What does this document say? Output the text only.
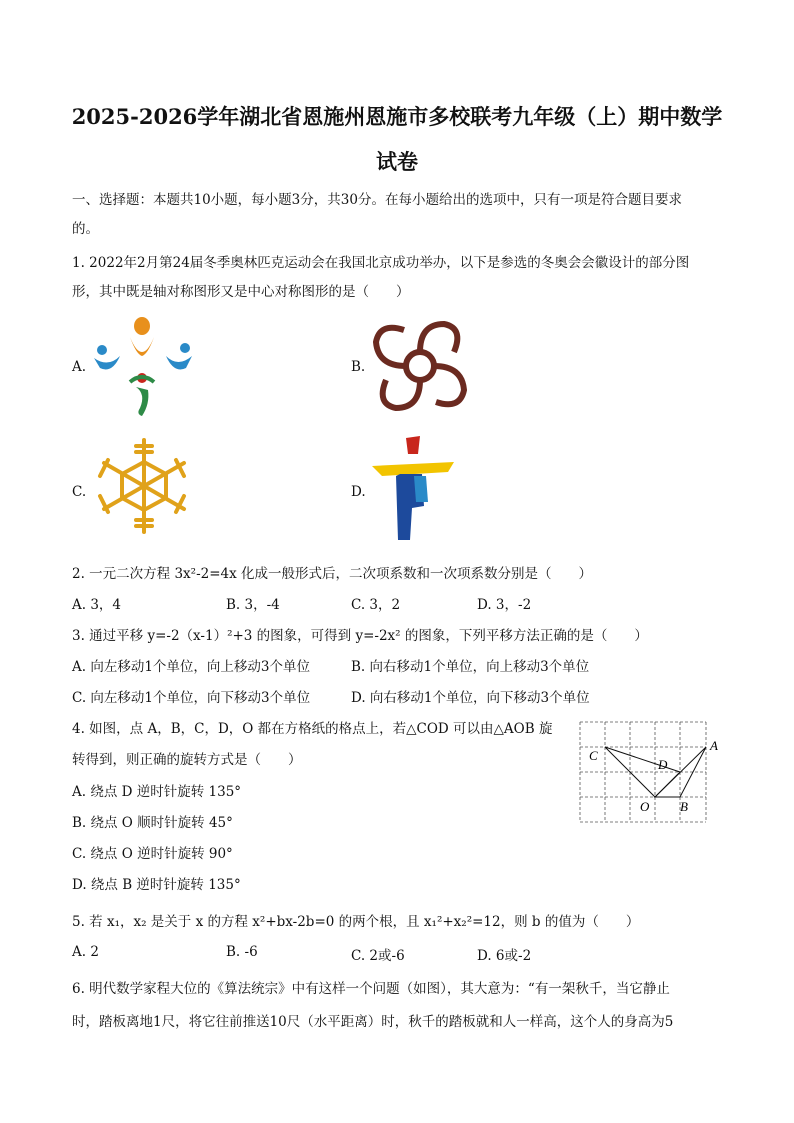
2025-2026学年湖北省恩施州恩施市多校联考九年级（上）期中数学
试卷
一、选择题：本题共10小题，每小题3分，共30分。在每小题给出的选项中，只有一项是符合题目要求
的。
1. 2022年2月第24届冬季奥林匹克运动会在我国北京成功举办，以下是参选的冬奥会会徽设计的部分图
形，其中既是轴对称图形又是中心对称图形的是（　　）
A.	B.
C.	D.
2. 一元二次方程 3x²-2=4x 化成一般形式后，二次项系数和一次项系数分别是（　　）
A. 3，4	B. 3，-4	C. 3，2	D. 3，-2
3. 通过平移 y=-2（x-1）²+3 的图象，可得到 y=-2x² 的图象，下列平移方法正确的是（　　）
A. 向左移动1个单位，向上移动3个单位	B. 向右移动1个单位，向上移动3个单位
C. 向左移动1个单位，向下移动3个单位	D. 向右移动1个单位，向下移动3个单位
4. 如图，点 A，B，C，D，O 都在方格纸的格点上，若△COD 可以由△AOB 旋
转得到，则正确的旋转方式是（　　）
A. 绕点 D 逆时针旋转 135°
B. 绕点 O 顺时针旋转 45°
C. 绕点 O 逆时针旋转 90°
D. 绕点 B 逆时针旋转 135°
C
D
A
O B
5. 若 x₁，x₂ 是关于 x 的方程 x²+bx-2b=0 的两个根，且 x₁²+x₂²=12，则 b 的值为（　　）
A. 2	B. -6	C. 2或-6	D. 6或-2
6. 明代数学家程大位的《算法统宗》中有这样一个问题（如图），其大意为：“有一架秋千，当它静止
时，踏板离地1尺，将它往前推送10尺（水平距离）时，秋千的踏板就和人一样高，这个人的身高为5
